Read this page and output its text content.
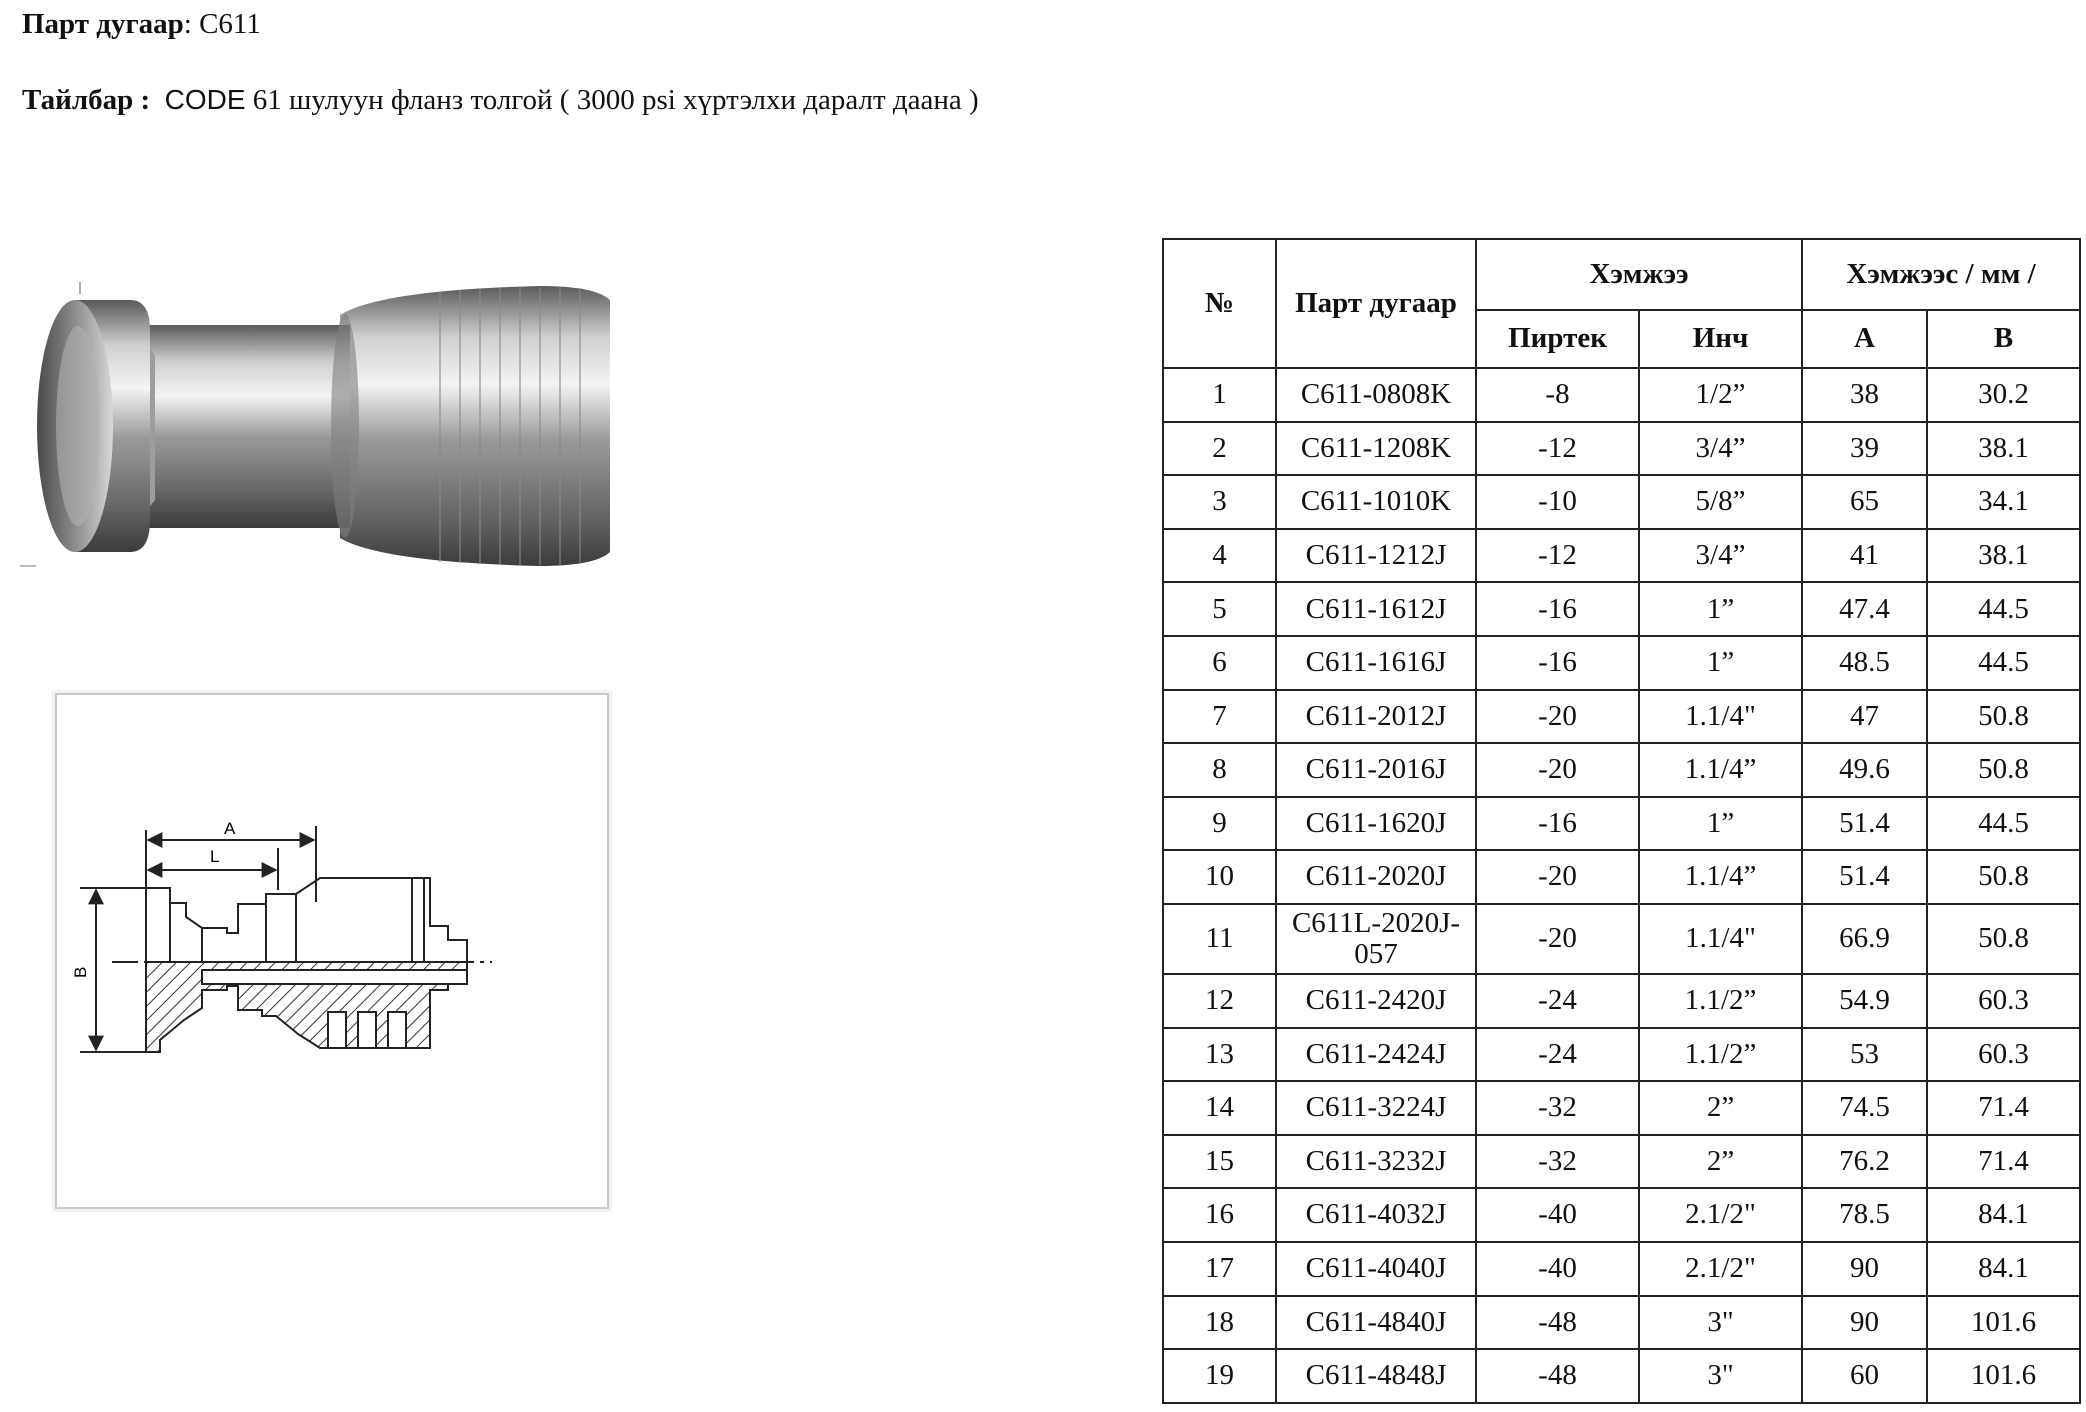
Парт дугаар: C611
Тайлбар : CODE 61 шулуун фланз толгой ( 3000 psi хүртэлхи даралт даана )
A
L
B
№	Парт дугаар	Хэмжээ		Хэмжээс / мм /	
		Пиртек	Инч	A	B
1	C611-0808K	-8	1/2”	38	30.2
2	C611-1208K	-12	3/4”	39	38.1
3	C611-1010K	-10	5/8”	65	34.1
4	C611-1212J	-12	3/4”	41	38.1
5	C611-1612J	-16	1”	47.4	44.5
6	C611-1616J	-16	1”	48.5	44.5
7	C611-2012J	-20	1.1/4"	47	50.8
8	C611-2016J	-20	1.1/4”	49.6	50.8
9	C611-1620J	-16	1”	51.4	44.5
10	C611-2020J	-20	1.1/4”	51.4	50.8
11	C611L-2020J-057	-20	1.1/4"	66.9	50.8
12	C611-2420J	-24	1.1/2”	54.9	60.3
13	C611-2424J	-24	1.1/2”	53	60.3
14	C611-3224J	-32	2”	74.5	71.4
15	C611-3232J	-32	2”	76.2	71.4
16	C611-4032J	-40	2.1/2"	78.5	84.1
17	C611-4040J	-40	2.1/2"	90	84.1
18	C611-4840J	-48	3"	90	101.6
19	C611-4848J	-48	3"	60	101.6
